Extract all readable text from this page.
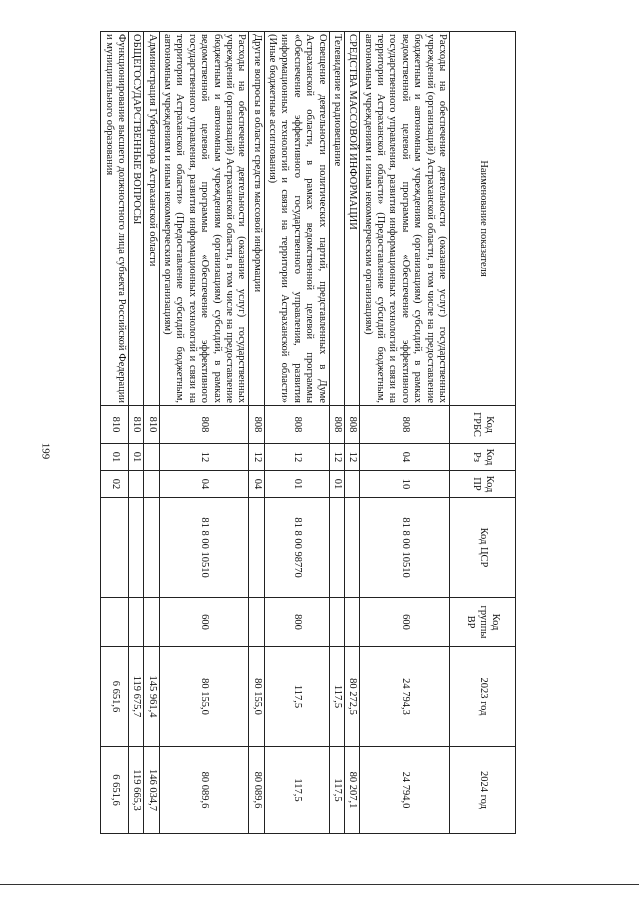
199
Наименование показателя	Код ГРБС	Код Рз	Код ПР	Код ЦСР	Код группы ВР	2023 год	2024 год
Расходы на обеспечение деятельности (оказание услуг) государственных учреждений (организаций) Астраханской области, в том числе на предоставление бюджетным и автономным учреждениям (организациям) субсидий, в рамках ведомственной целевой программы «Обеспечение эффективного государственного управления, развития информационных технологий и связи на территории Астраханской области» (Предоставление субсидий бюджетным, автономным учреждениям и иным некоммерческим организациям)	808	04	10	81 8 00 10510	600	24 794,3	24 794,0
СРЕДСТВА МАССОВОЙ ИНФОРМАЦИИ	808	12				80 272,5	80 207,1
Телевидение и радиовещание	808	12	01			117,5	117,5
Освещение деятельности политических партий, представленных в Думе Астраханской области, в рамках ведомственной целевой программы «Обеспечение эффективного государственного управления, развития информационных технологий и связи на территории Астраханской области» (Иные бюджетные ассигнования)	808	12	01	81 8 00 98770	800	117,5	117,5
Другие вопросы в области средств массовой информации	808	12	04			80 155,0	80 089,6
Расходы на обеспечение деятельности (оказание услуг) государственных учреждений (организаций) Астраханской области, в том числе на предоставление бюджетным и автономным учреждениям (организациям) субсидий, в рамках ведомственной целевой программы «Обеспечение эффективного государственного управления, развития информационных технологий и связи на территории Астраханской области» (Предоставление субсидий бюджетным, автономным учреждениям и иным некоммерческим организациям)	808	12	04	81 8 00 10510	600	80 155,0	80 089,6
Администрация Губернатора Астраханской области	810					145 961,4	146 034,7
ОБЩЕГОСУДАРСТВЕННЫЕ ВОПРОСЫ	810	01				119 675,7	119 665,3
Функционирование высшего должностного лица субъекта Российской Федерации и муниципального образования	810	01	02			6 651,6	6 651,6
